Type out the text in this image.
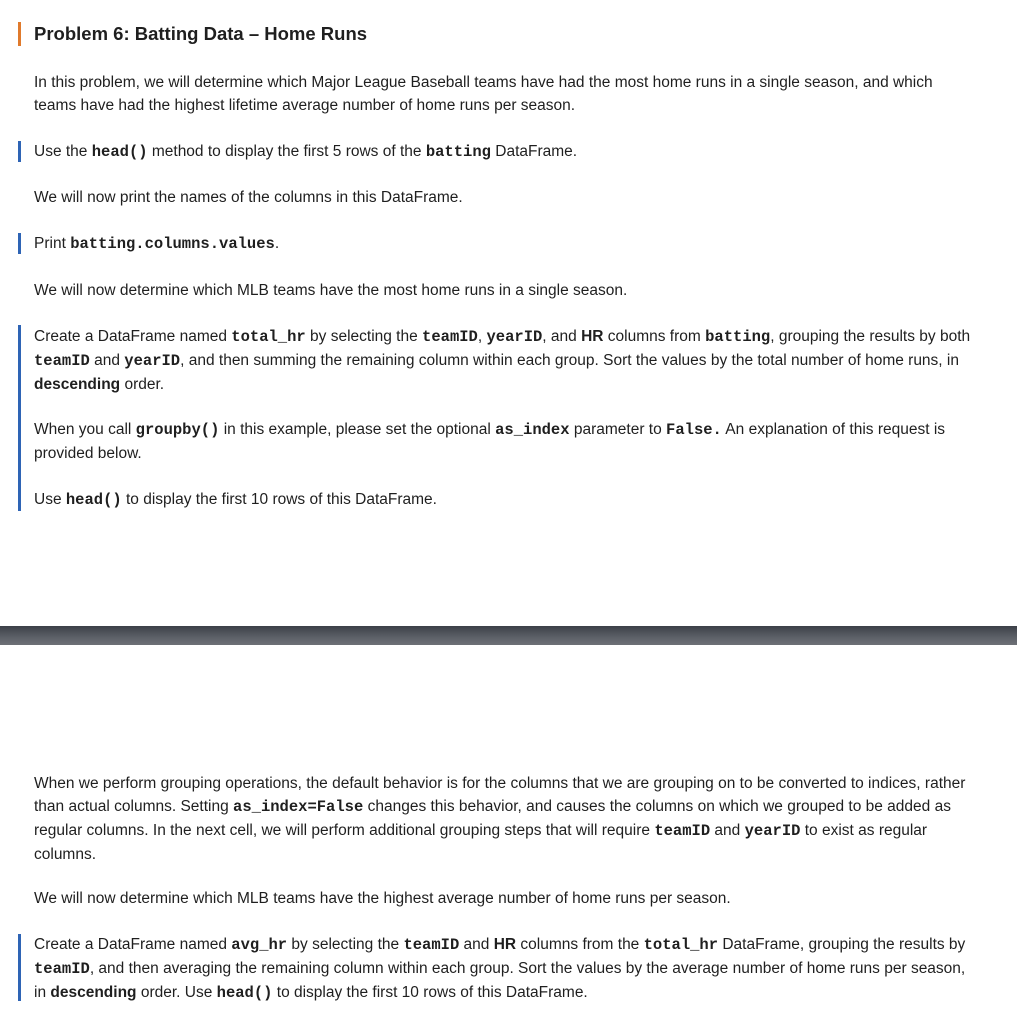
Problem 6: Batting Data – Home Runs

In this problem, we will determine which Major League Baseball teams have had the most home runs in a single season, and which teams have had the highest lifetime average number of home runs per season.

Use the head() method to display the first 5 rows of the batting DataFrame.

We will now print the names of the columns in this DataFrame.

Print batting.columns.values.

We will now determine which MLB teams have the most home runs in a single season.

Create a DataFrame named total_hr by selecting the teamID, yearID, and HR columns from batting, grouping the results by both teamID and yearID, and then summing the remaining column within each group. Sort the values by the total number of home runs, in descending order.

When you call groupby() in this example, please set the optional as_index parameter to False. An explanation of this request is provided below.

Use head() to display the first 10 rows of this DataFrame.

When we perform grouping operations, the default behavior is for the columns that we are grouping on to be converted to indices, rather than actual columns. Setting as_index=False changes this behavior, and causes the columns on which we grouped to be added as regular columns. In the next cell, we will perform additional grouping steps that will require teamID and yearID to exist as regular columns.

We will now determine which MLB teams have the highest average number of home runs per season.

Create a DataFrame named avg_hr by selecting the teamID and HR columns from the total_hr DataFrame, grouping the results by teamID, and then averaging the remaining column within each group. Sort the values by the average number of home runs per season, in descending order. Use head() to display the first 10 rows of this DataFrame.
